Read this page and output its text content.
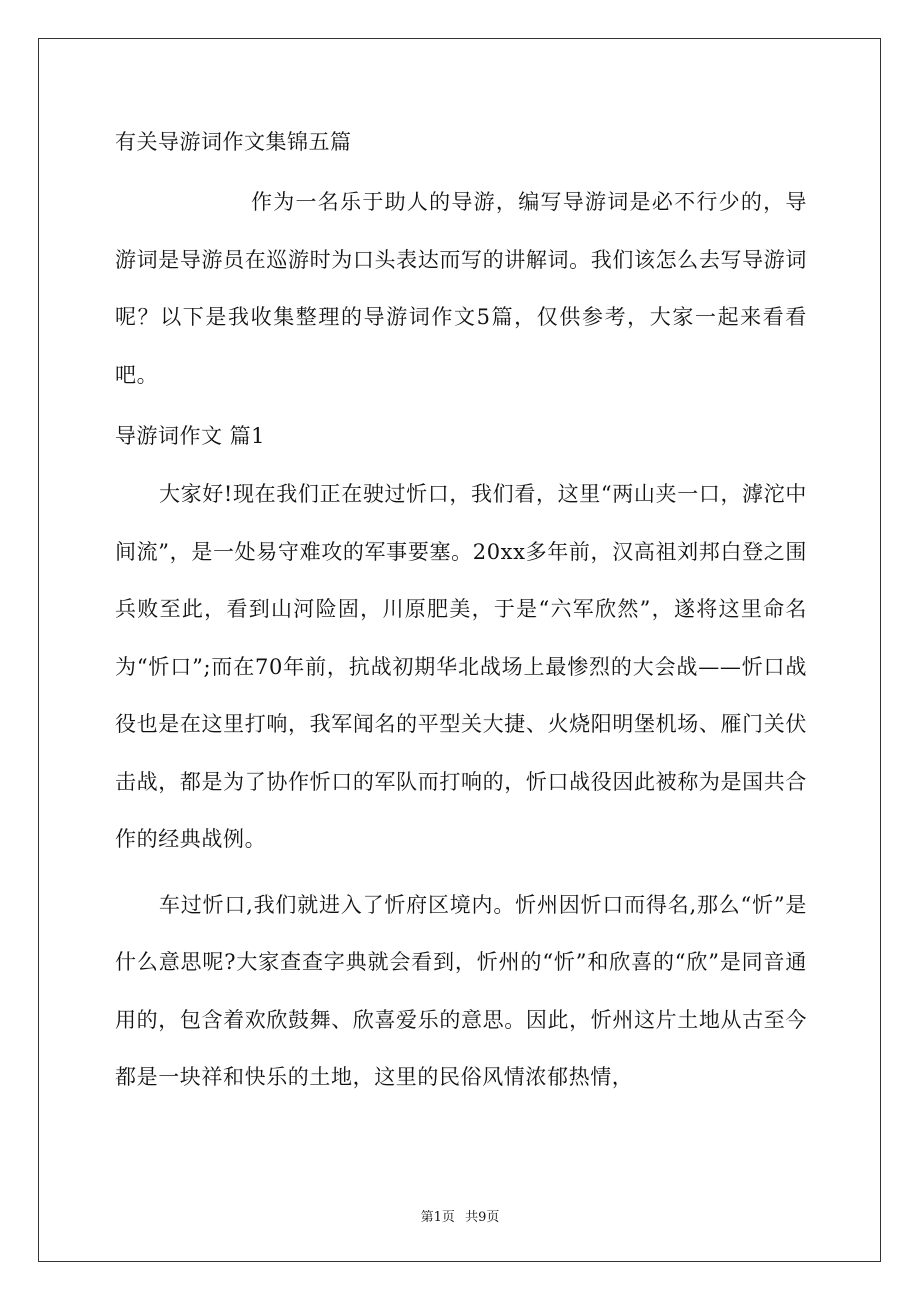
有关导游词作文集锦五篇

作为一名乐于助人的导游，编写导游词是必不行少的，导游词是导游员在巡游时为口头表达而写的讲解词。我们该怎么去写导游词呢？以下是我收集整理的导游词作文5篇，仅供参考，大家一起来看看吧。

导游词作文 篇1

大家好!现在我们正在驶过忻口，我们看，这里“两山夹一口，滹沱中间流”，是一处易守难攻的军事要塞。20xx多年前，汉高祖刘邦白登之围兵败至此，看到山河险固，川原肥美，于是“六军欣然”，遂将这里命名为“忻口”;而在70年前，抗战初期华北战场上最惨烈的大会战——忻口战役也是在这里打响，我军闻名的平型关大捷、火烧阳明堡机场、雁门关伏击战，都是为了协作忻口的军队而打响的，忻口战役因此被称为是国共合作的经典战例。

车过忻口,我们就进入了忻府区境内。忻州因忻口而得名,那么“忻”是什么意思呢?大家查查字典就会看到，忻州的“忻”和欣喜的“欣”是同音通用的，包含着欢欣鼓舞、欣喜爱乐的意思。因此，忻州这片土地从古至今都是一块祥和快乐的土地，这里的民俗风情浓郁热情，

第1页 共9页
